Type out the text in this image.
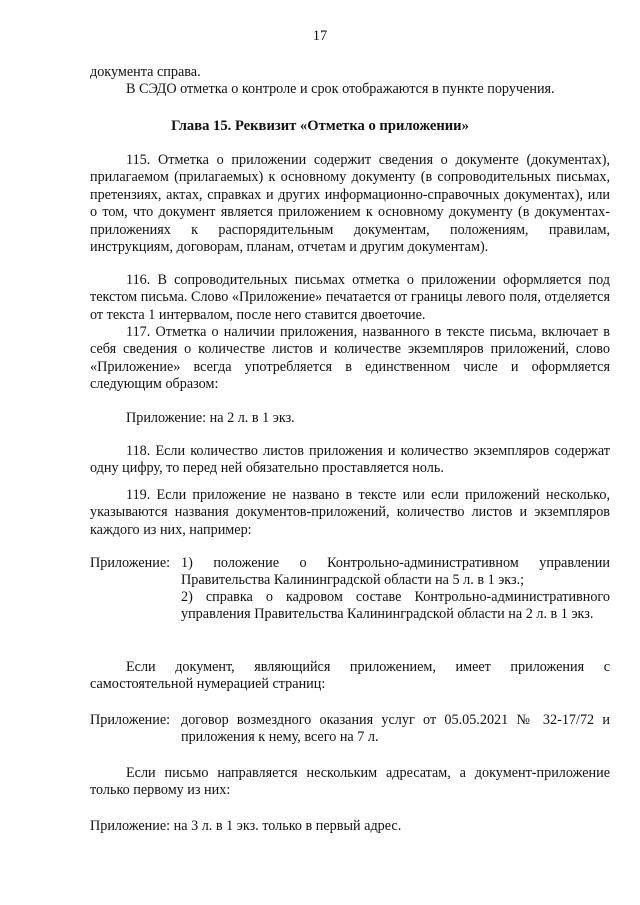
17

документа справа.

В СЭДО отметка о контроле и срок отображаются в пункте поручения.

Глава 15. Реквизит «Отметка о приложении»
115. Отметка о приложении содержит сведения о документе (документах), прилагаемом (прилагаемых) к основному документу (в сопроводительных письмах, претензиях, актах, справках и других информационно-справочных документах), или о том, что документ является приложением к основному документу (в документах-приложениях к распорядительным документам, положениям, правилам, инструкциям, договорам, планам, отчетам и другим документам).
116. В сопроводительных письмах отметка о приложении оформляется под текстом письма. Слово «Приложение» печатается от границы левого поля, отделяется от текста 1 интервалом, после него ставится двоеточие.
117. Отметка о наличии приложения, названного в тексте письма, включает в себя сведения о количестве листов и количестве экземпляров приложений, слово «Приложение» всегда употребляется в единственном числе и оформляется следующим образом:
Приложение: на 2 л. в 1 экз.
118. Если количество листов приложения и количество экземпляров содержат одну цифру, то перед ней обязательно проставляется ноль.
119. Если приложение не названо в тексте или если приложений несколько, указываются названия документов-приложений, количество листов и экземпляров каждого из них, например:
Приложение: 1) положение о Контрольно-административном управлении Правительства Калининградской области на 5 л. в 1 экз.;
2) справка о кадровом составе Контрольно-административного управления Правительства Калининградской области на 2 л. в 1 экз.
Если документ, являющийся приложением, имеет приложения с самостоятельной нумерацией страниц:
Приложение: договор возмездного оказания услуг от 05.05.2021 № 32-17/72 и приложения к нему, всего на 7 л.
Если письмо направляется нескольким адресатам, а документ-приложение только первому из них:
Приложение: на 3 л. в 1 экз. только в первый адрес.
